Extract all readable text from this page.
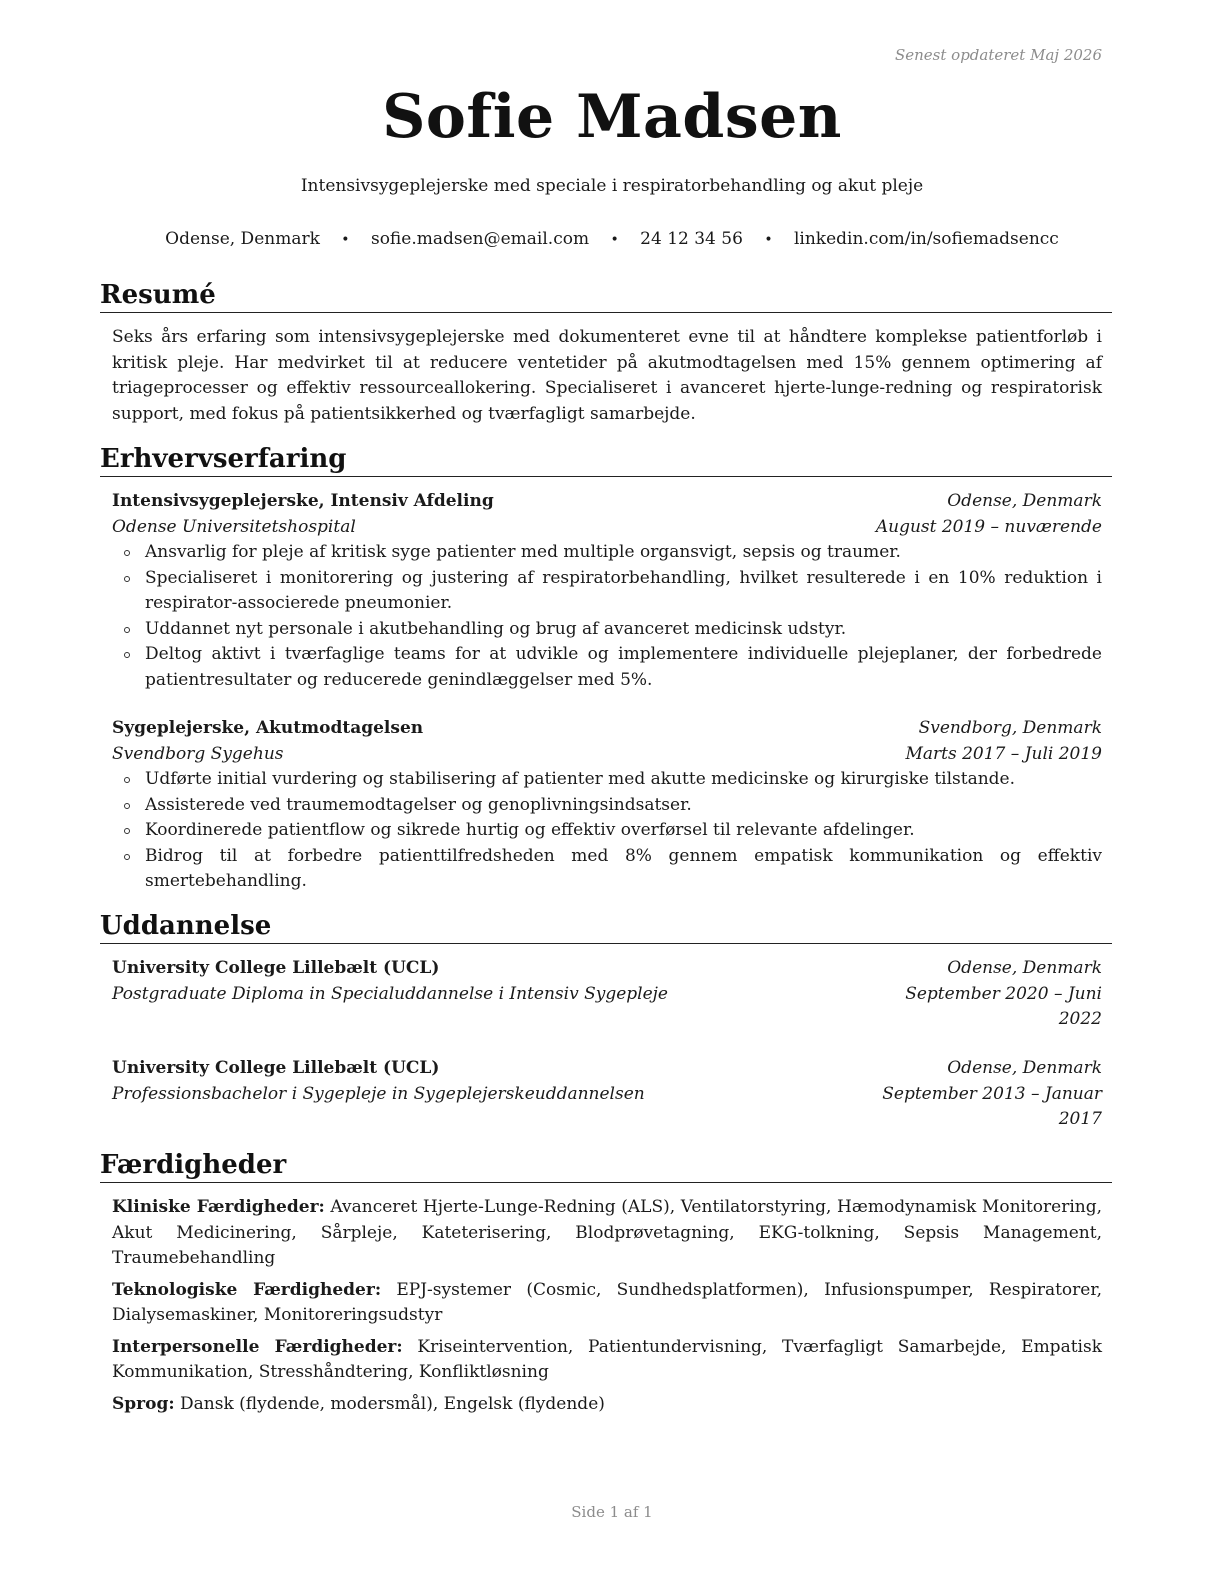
Senest opdateret Maj 2026
Sofie Madsen
Intensivsygeplejerske med speciale i respiratorbehandling og akut pleje
Odense, Denmark • sofie.madsen@email.com • 24 12 34 56 • linkedin.com/in/sofiemadsencc
Resumé

Seks års erfaring som intensivsygeplejerske med dokumenteret evne til at håndtere komplekse patientforløb i kritisk pleje. Har medvirket til at reducere ventetider på akutmodtagelsen med 15% gennem optimering af triageprocesser og effektiv ressourceallokering. Specialiseret i avanceret hjerte-lunge-redning og respiratorisk support, med fokus på patientsikkerhed og tværfagligt samarbejde.

Erhvervserfaring
Intensivsygeplejerske, Intensiv Afdeling	Odense, Denmark
Odense Universitetshospital	August 2019 – nuværende
Ansvarlig for pleje af kritisk syge patienter med multiple organsvigt, sepsis og traumer.
Specialiseret i monitorering og justering af respiratorbehandling, hvilket resulterede i en 10% reduktion i respirator-associerede pneumonier.
Uddannet nyt personale i akutbehandling og brug af avanceret medicinsk udstyr.
Deltog aktivt i tværfaglige teams for at udvikle og implementere individuelle plejeplaner, der forbedrede patientresultater og reducerede genindlæggelser med 5%.
Sygeplejerske, Akutmodtagelsen	Svendborg, Denmark
Svendborg Sygehus	Marts 2017 – Juli 2019
Udførte initial vurdering og stabilisering af patienter med akutte medicinske og kirurgiske tilstande.
Assisterede ved traumemodtagelser og genoplivningsindsatser.
Koordinerede patientflow og sikrede hurtig og effektiv overførsel til relevante afdelinger.
Bidrog til at forbedre patienttilfredsheden med 8% gennem empatisk kommunikation og effektiv smertebehandling.
Uddannelse
University College Lillebælt (UCL)	Odense, Denmark
Postgraduate Diploma in Specialuddannelse i Intensiv Sygepleje	September 2020 – Juni
2022
University College Lillebælt (UCL)	Odense, Denmark
Professionsbachelor i Sygepleje in Sygeplejerskeuddannelsen	September 2013 – Januar
2017
Færdigheder

Kliniske Færdigheder: Avanceret Hjerte-Lunge-Redning (ALS), Ventilatorstyring, Hæmodynamisk Monitorering, Akut Medicinering, Sårpleje, Kateterisering, Blodprøvetagning, EKG-tolkning, Sepsis Management, Traumebehandling

Teknologiske Færdigheder: EPJ-systemer (Cosmic, Sundhedsplatformen), Infusionspumper, Respiratorer, Dialysemaskiner, Monitoreringsudstyr

Interpersonelle Færdigheder: Kriseintervention, Patientundervisning, Tværfagligt Samarbejde, Empatisk Kommunikation, Stresshåndtering, Konfliktløsning

Sprog: Dansk (flydende, modersmål), Engelsk (flydende)

Side 1 af 1
